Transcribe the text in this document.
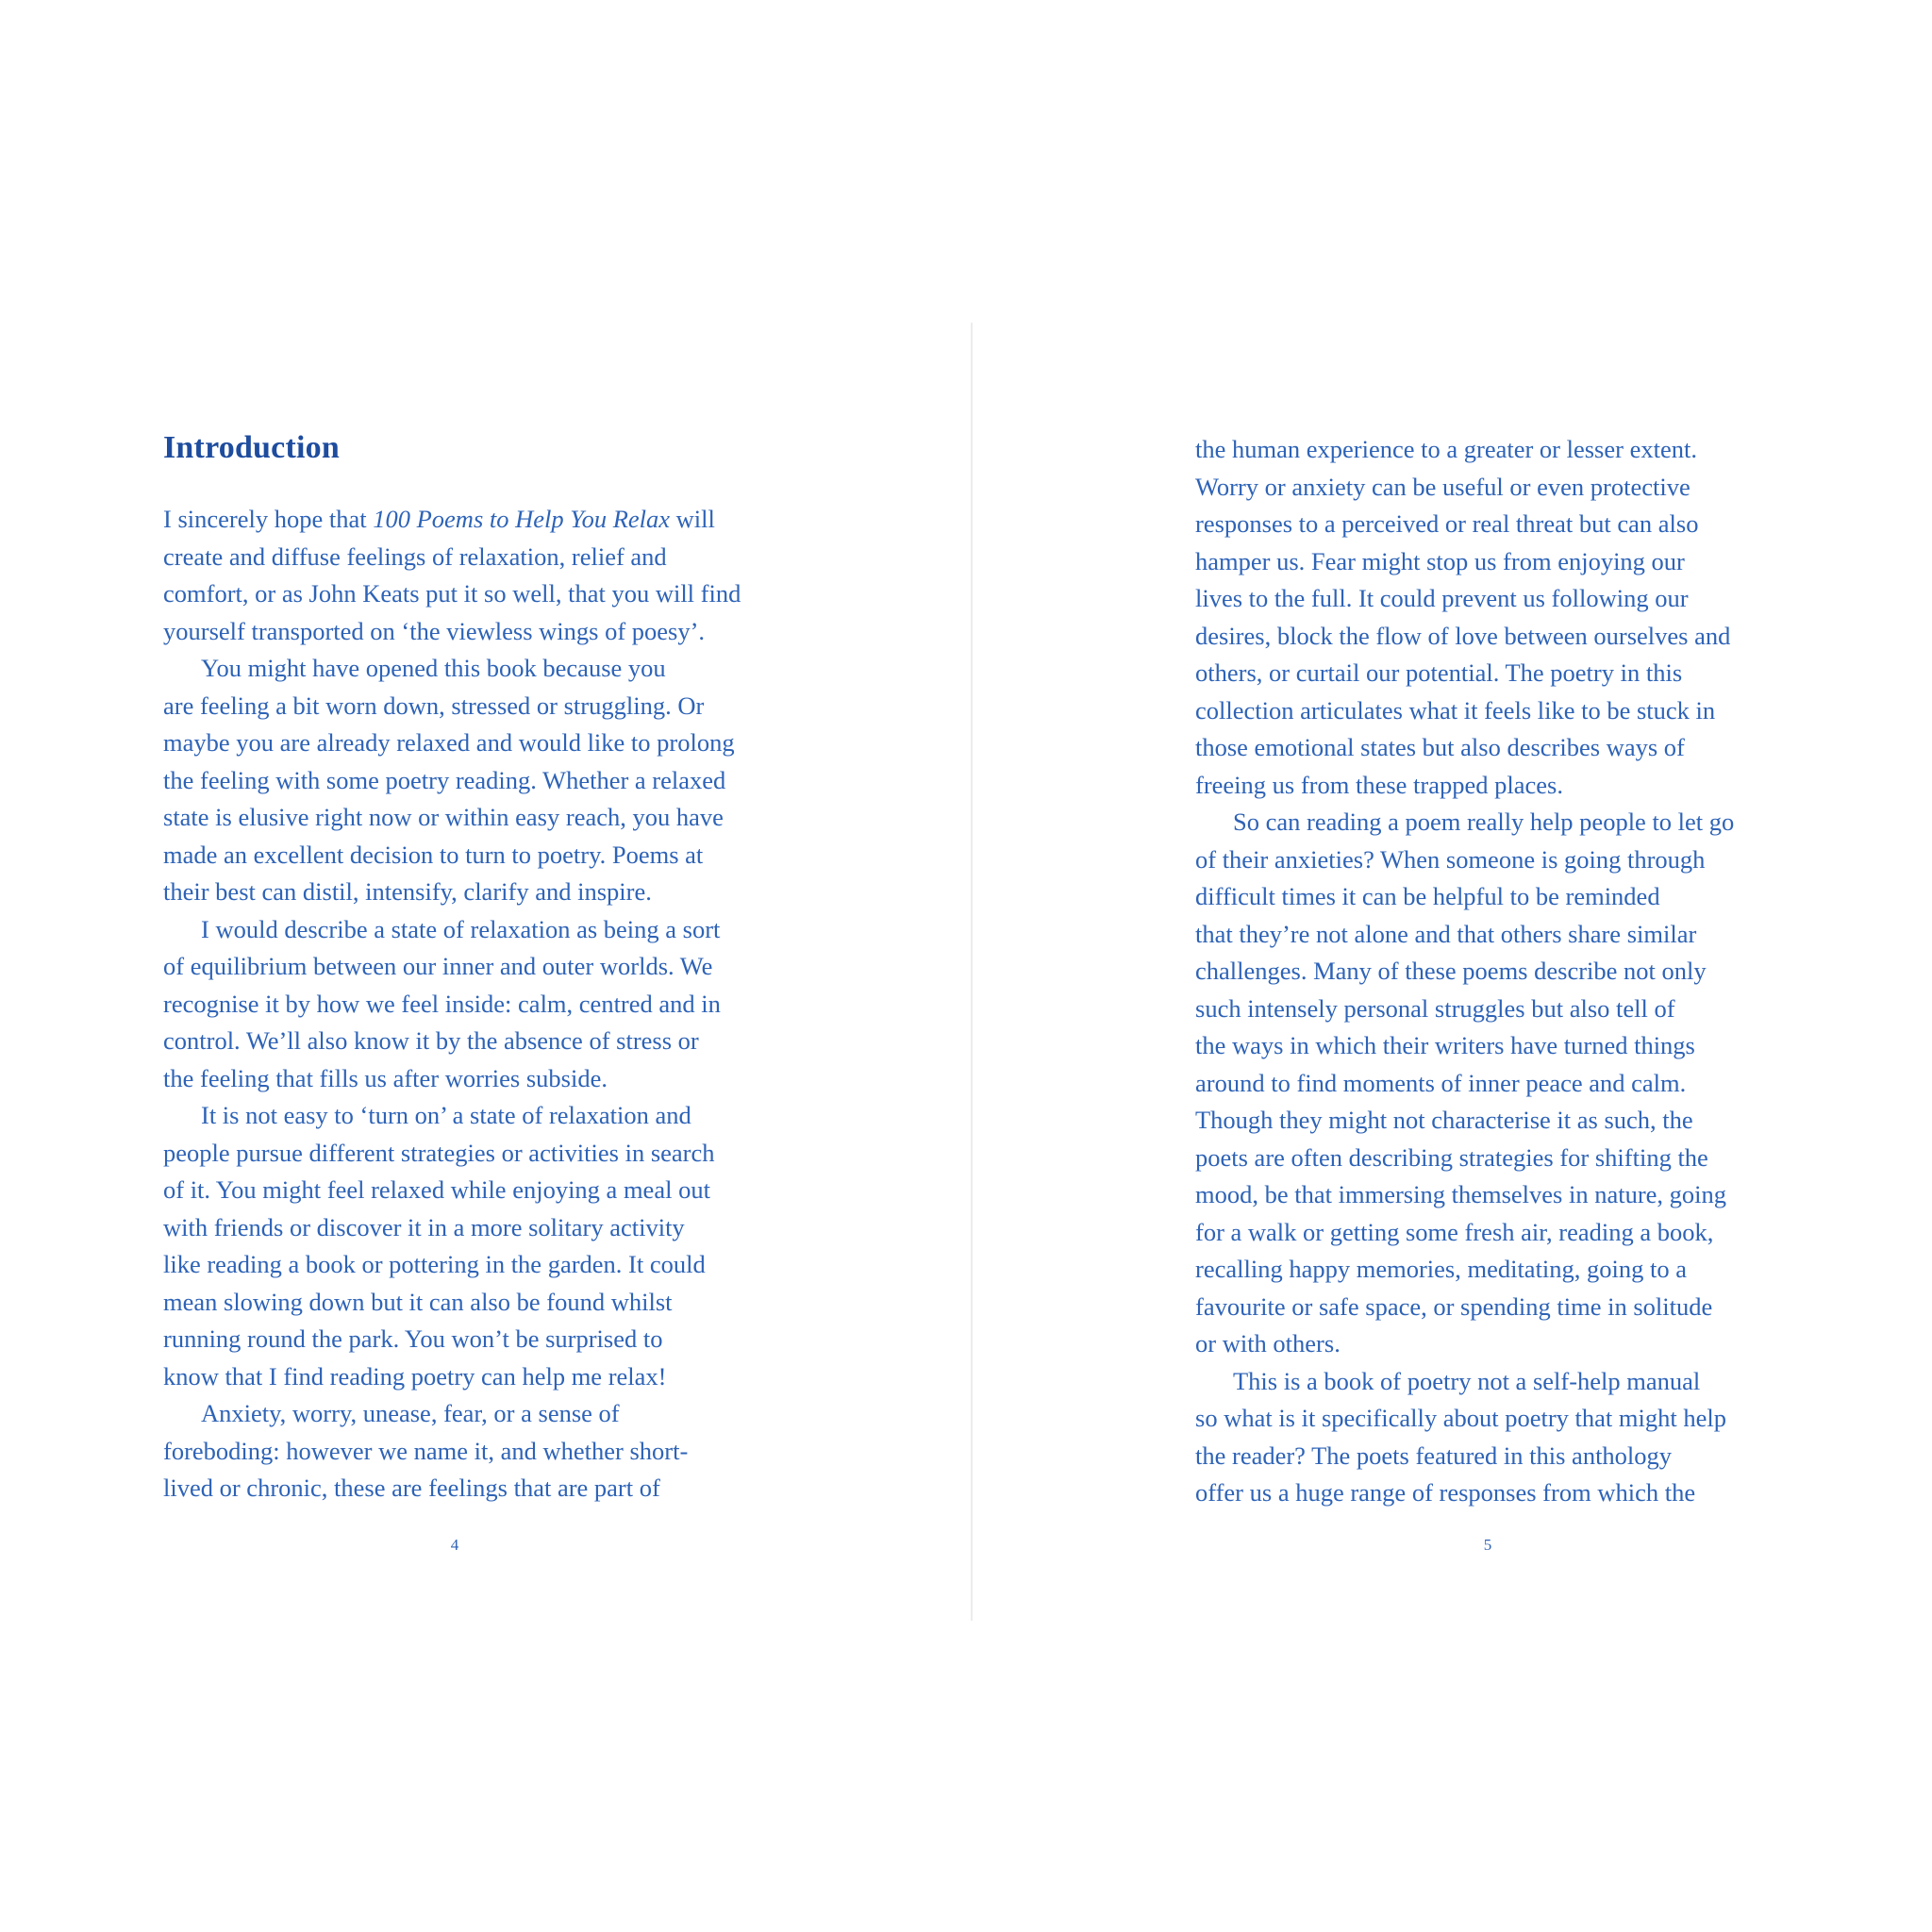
Introduction
I sincerely hope that 100 Poems to Help You Relax will
create and diffuse feelings of relaxation, relief and
comfort, or as John Keats put it so well, that you will find
yourself transported on ‘the viewless wings of poesy’.
You might have opened this book because you
are feeling a bit worn down, stressed or struggling. Or
maybe you are already relaxed and would like to prolong
the feeling with some poetry reading. Whether a relaxed
state is elusive right now or within easy reach, you have
made an excellent decision to turn to poetry. Poems at
their best can distil, intensify, clarify and inspire.
I would describe a state of relaxation as being a sort
of equilibrium between our inner and outer worlds. We
recognise it by how we feel inside: calm, centred and in
control. We’ll also know it by the absence of stress or
the feeling that fills us after worries subside.
It is not easy to ‘turn on’ a state of relaxation and
people pursue different strategies or activities in search
of it. You might feel relaxed while enjoying a meal out
with friends or discover it in a more solitary activity
like reading a book or pottering in the garden. It could
mean slowing down but it can also be found whilst
running round the park. You won’t be surprised to
know that I find reading poetry can help me relax!
Anxiety, worry, unease, fear, or a sense of
foreboding: however we name it, and whether short-
lived or chronic, these are feelings that are part of
the human experience to a greater or lesser extent.
Worry or anxiety can be useful or even protective
responses to a perceived or real threat but can also
hamper us. Fear might stop us from enjoying our
lives to the full. It could prevent us following our
desires, block the flow of love between ourselves and
others, or curtail our potential. The poetry in this
collection articulates what it feels like to be stuck in
those emotional states but also describes ways of
freeing us from these trapped places.
So can reading a poem really help people to let go
of their anxieties? When someone is going through
difficult times it can be helpful to be reminded
that they’re not alone and that others share similar
challenges. Many of these poems describe not only
such intensely personal struggles but also tell of
the ways in which their writers have turned things
around to find moments of inner peace and calm.
Though they might not characterise it as such, the
poets are often describing strategies for shifting the
mood, be that immersing themselves in nature, going
for a walk or getting some fresh air, reading a book,
recalling happy memories, meditating, going to a
favourite or safe space, or spending time in solitude
or with others.
This is a book of poetry not a self-help manual
so what is it specifically about poetry that might help
the reader? The poets featured in this anthology
offer us a huge range of responses from which the
4	5
